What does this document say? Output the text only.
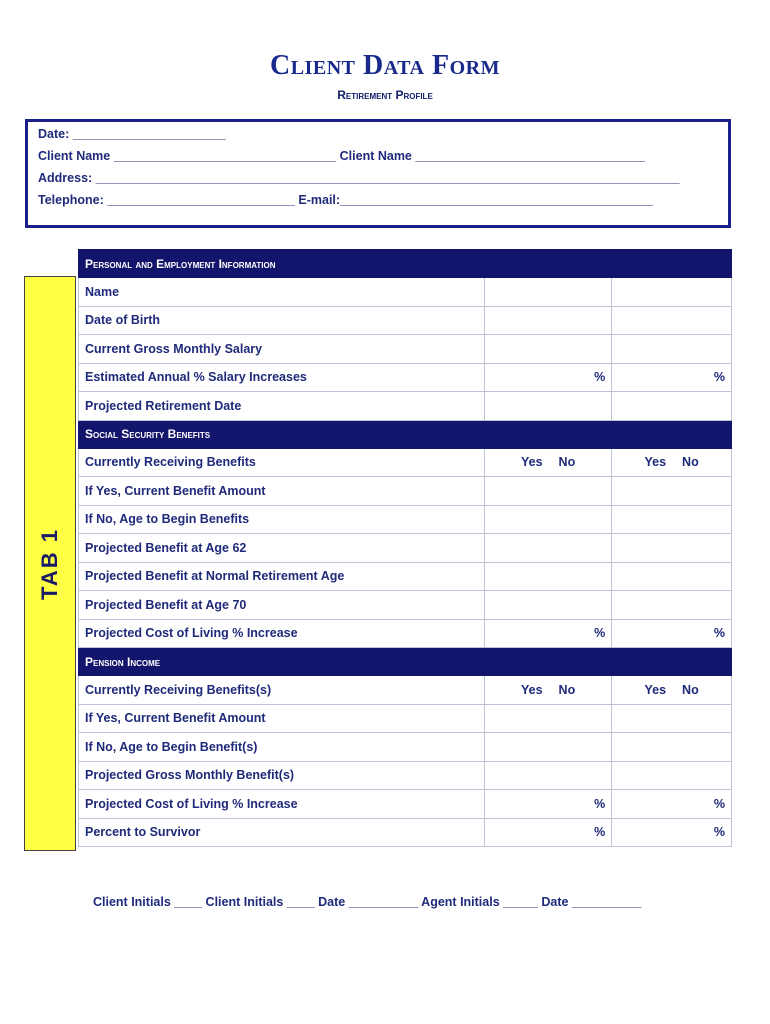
Client Data Form
Retirement Profile
Date: ______________________
Client Name ________________________________ Client Name _________________________________
Address: ____________________________________________________________________________________
Telephone: ___________________________ E-mail:_____________________________________________
TAB 1
Personal and Employment Information		
Name		
Date of Birth		
Current Gross Monthly Salary		
Estimated Annual % Salary Increases	%	%
Projected Retirement Date		
Social Security Benefits		
Currently Receiving Benefits	Yes No	Yes No
If Yes, Current Benefit Amount		
If No, Age to Begin Benefits		
Projected Benefit at Age 62		
Projected Benefit at Normal Retirement Age		
Projected Benefit at Age 70		
Projected Cost of Living % Increase	%	%
Pension Income		
Currently Receiving Benefits(s)	Yes No	Yes No
If Yes, Current Benefit Amount		
If No, Age to Begin Benefit(s)		
Projected Gross Monthly Benefit(s)		
Projected Cost of Living % Increase	%	%
Percent to Survivor	%	%
Client Initials ____ Client Initials ____ Date __________ Agent Initials _____ Date __________
